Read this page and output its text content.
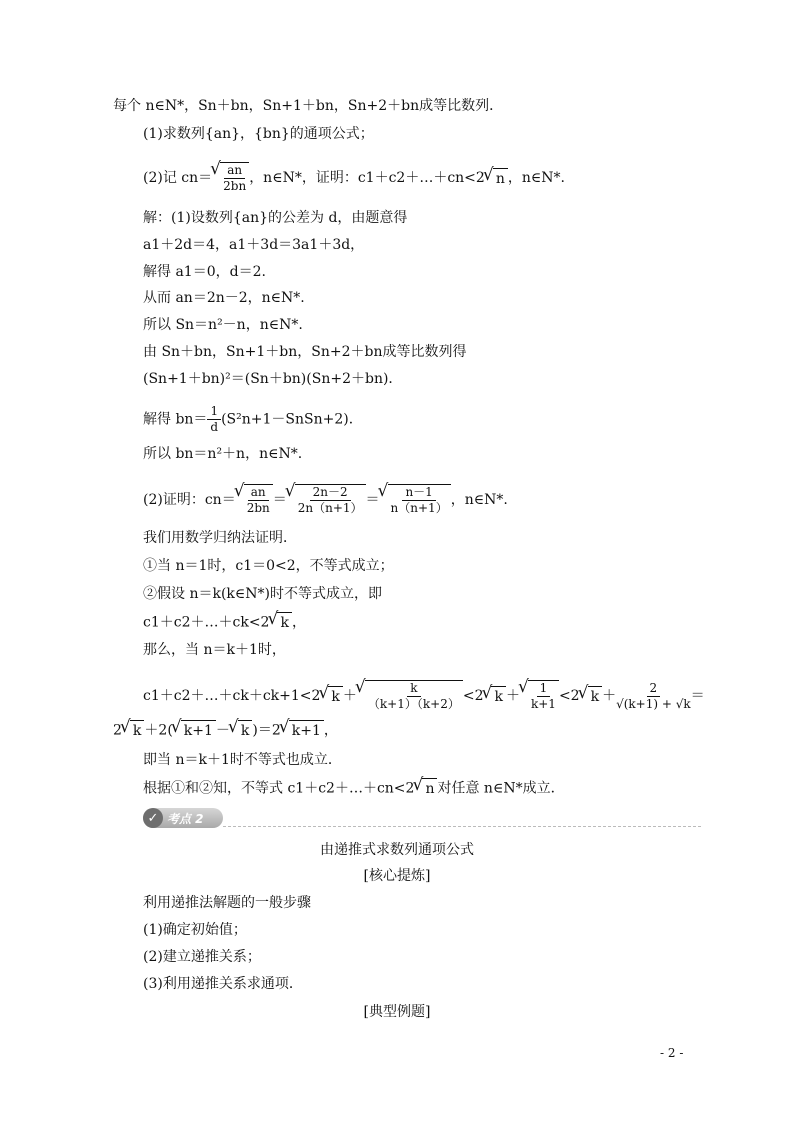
每个 n∈N*，Sn＋bn，Sn+1＋bn，Sn+2＋bn成等比数列．
(1)求数列{an}，{bn}的通项公式；
(2)记 cn＝
√ $\frac{an}{2bn}$ ，n∈N*，证明：c1＋c2＋…＋cn<2√ n ，n∈N*.
解：(1)设数列{an}的公差为 d，由题意得
a1＋2d＝4，a1＋3d＝3a1＋3d，
解得 a1＝0，d＝2.
从而 an＝2n－2，n∈N*.
所以 Sn＝n²－n，n∈N*.
由 Sn＋bn，Sn+1＋bn，Sn+2＋bn成等比数列得
(Sn+1＋bn)²＝(Sn＋bn)(Sn+2＋bn)．
解得 $bn= \frac{1}{d}$ (S²n+1－SnSn+2)．
所以 bn＝n²＋n，n∈N*.
(2)证明：cn＝
√ $\frac{an}{2bn}$ ＝
√ $\frac{2n-2}{2n(n+1)}$ ＝
√ $\frac{n-1}{n(n+1)}$ ，n∈N*.
我们用数学归纳法证明．
①当 n＝1时，c1＝0<2，不等式成立；
②假设 n＝k(k∈N*)时不等式成立，即
c1＋c2＋…＋ck<2√ k ，
那么，当 n＝k＋1时，
c1＋c2＋…＋ck＋ck+1<2√ k ＋
√ $\frac{k}{(k+1)(k+2)} <2√$ k ＋
√ $\frac{1}{k+1} <2√$ $k + \frac{2}{√(k+1) + √k}$ ＝
2√ k ＋2(√ k+1 －√ k )＝2√ k+1 ，
即当 n＝k＋1时不等式也成立．
根据①和②知，不等式 c1＋c2＋…＋cn<2√ n 对任意 n∈N*成立．
✓ 考点 2
由递推式求数列通项公式
[核心提炼]
利用递推法解题的一般步骤
(1)确定初始值；
(2)建立递推关系；
(3)利用递推关系求通项．
[典型例题]
- 2 -
